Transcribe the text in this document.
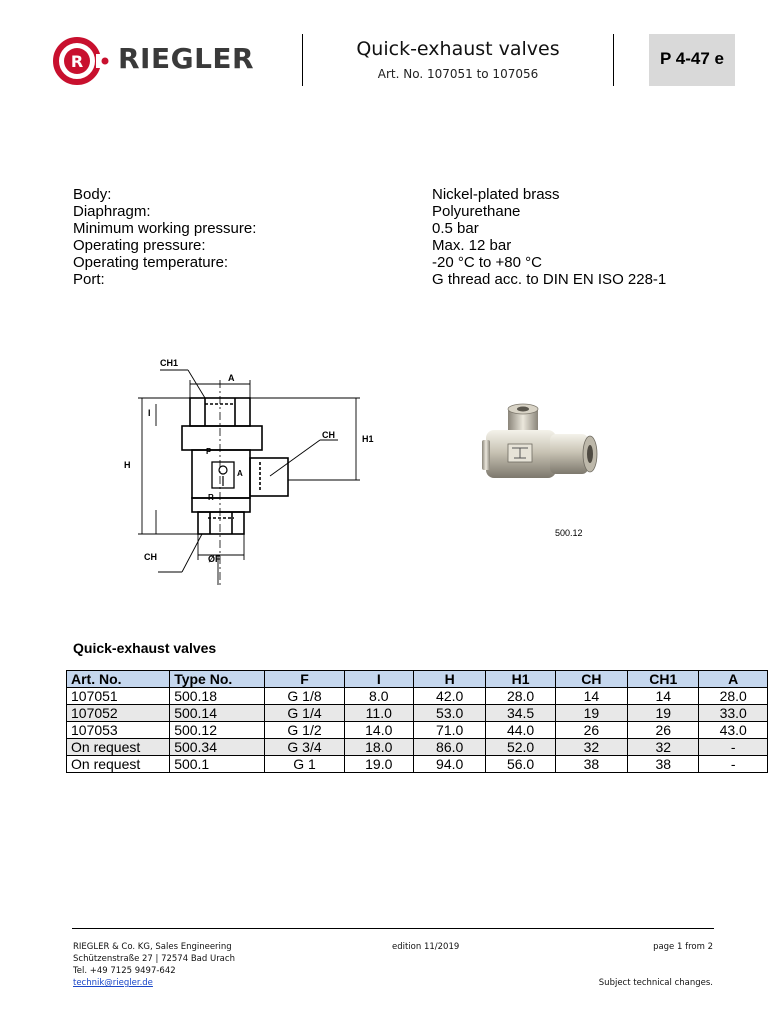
R RIEGLER	Quick-exhaust valves
Art. No. 107051 to 107056
P 4-47 e
Body:	Nickel-plated brass
Diaphragm:	Polyurethane
Minimum working pressure:	0.5 bar
Operating pressure:	Max. 12 bar
Operating temperature:	-20 °C to +80 °C
Port:	G thread acc. to DIN EN ISO 228-1
CH1
A
H
H1
CH
CH
I
ØF
P
A
R
500.12
Quick-exhaust valves
Art. No.	Type No.	F	I	H	H1	CH	CH1	A
107051	500.18	G 1/8	8.0	42.0	28.0	14	14	28.0
107052	500.14	G 1/4	11.0	53.0	34.5	19	19	33.0
107053	500.12	G 1/2	14.0	71.0	44.0	26	26	43.0
On request	500.34	G 3/4	18.0	86.0	52.0	32	32	-
On request	500.1	G 1	19.0	94.0	56.0	38	38	-
RIEGLER & Co. KG, Sales Engineering
Schützenstraße 27 | 72574 Bad Urach
Tel. +49 7125 9497-642
technik@riegler.de
edition 11/2019	page 1 from 2
Subject technical changes.
